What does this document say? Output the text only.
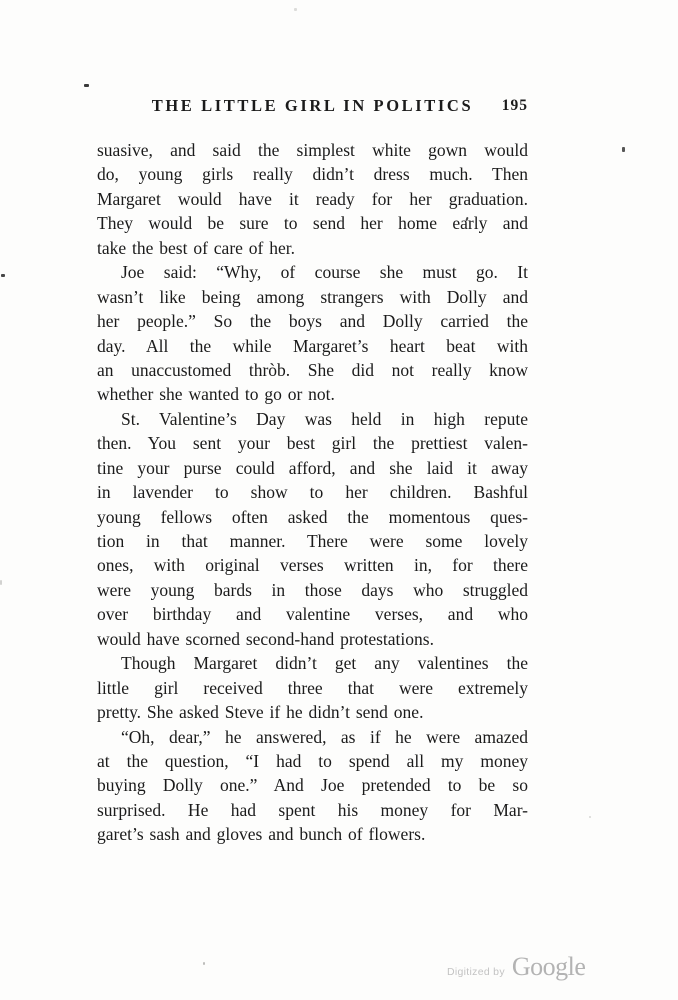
THE LITTLE GIRL IN POLITICS 195
suasive, and said the simplest white gown would
do, young girls really didn’t dress much. Then
Margaret would have it ready for her graduation.
They would be sure to send her home early and
take the best of care of her.
Joe said: “Why, of course she must go. It
wasn’t like being among strangers with Dolly and
her people.” So the boys and Dolly carried the
day. All the while Margaret’s heart beat with
an unaccustomed thròb. She did not really know
whether she wanted to go or not.
St. Valentine’s Day was held in high repute
then. You sent your best girl the prettiest valen-
tine your purse could afford, and she laid it away
in lavender to show to her children. Bashful
young fellows often asked the momentous ques-
tion in that manner. There were some lovely
ones, with original verses written in, for there
were young bards in those days who struggled
over birthday and valentine verses, and who
would have scorned second-hand protestations.
Though Margaret didn’t get any valentines the
little girl received three that were extremely
pretty. She asked Steve if he didn’t send one.
“Oh, dear,” he answered, as if he were amazed
at the question, “I had to spend all my money
buying Dolly one.” And Joe pretended to be so
surprised. He had spent his money for Mar-
garet’s sash and gloves and bunch of flowers.
Digitized by Google
